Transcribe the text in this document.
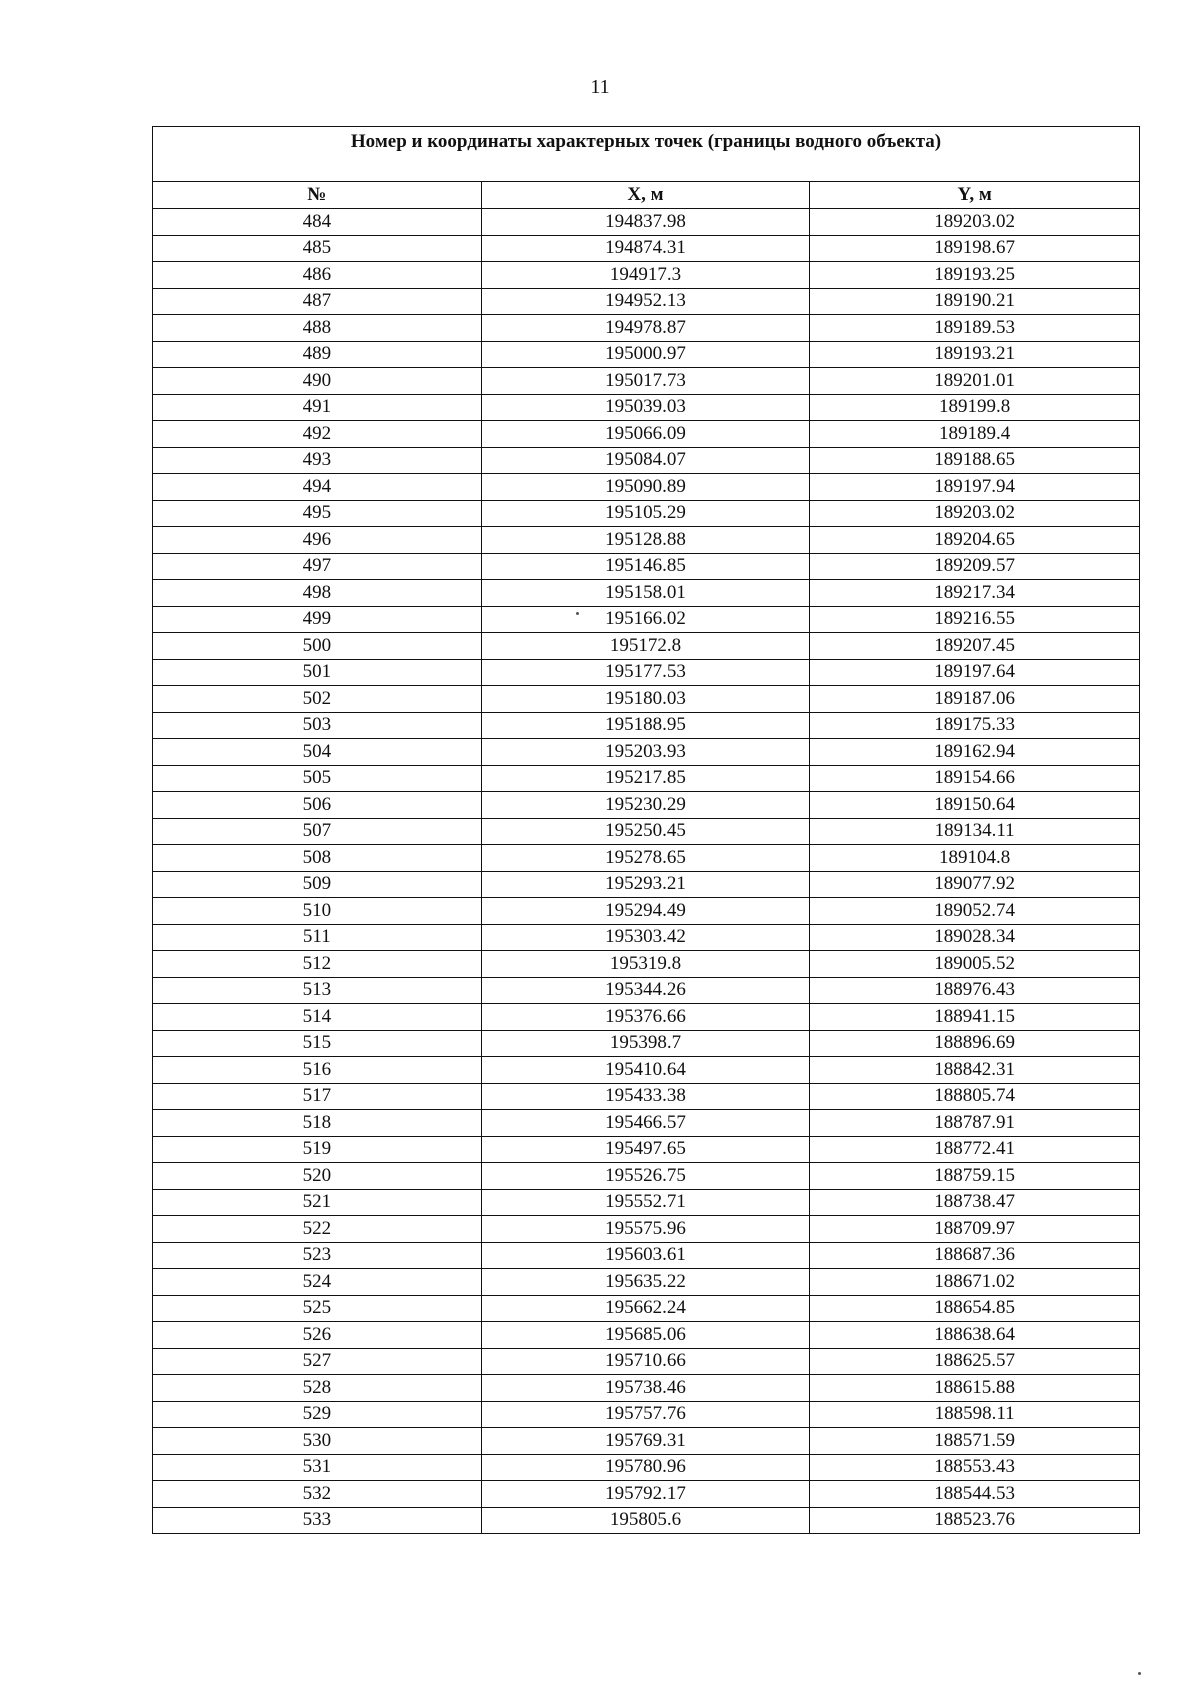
11
Номер и координаты характерных точек (границы водного объекта)		
№	X, м	Y, м
484	194837.98	189203.02
485	194874.31	189198.67
486	194917.3	189193.25
487	194952.13	189190.21
488	194978.87	189189.53
489	195000.97	189193.21
490	195017.73	189201.01
491	195039.03	189199.8
492	195066.09	189189.4
493	195084.07	189188.65
494	195090.89	189197.94
495	195105.29	189203.02
496	195128.88	189204.65
497	195146.85	189209.57
498	195158.01	189217.34
499	195166.02	189216.55
500	195172.8	189207.45
501	195177.53	189197.64
502	195180.03	189187.06
503	195188.95	189175.33
504	195203.93	189162.94
505	195217.85	189154.66
506	195230.29	189150.64
507	195250.45	189134.11
508	195278.65	189104.8
509	195293.21	189077.92
510	195294.49	189052.74
511	195303.42	189028.34
512	195319.8	189005.52
513	195344.26	188976.43
514	195376.66	188941.15
515	195398.7	188896.69
516	195410.64	188842.31
517	195433.38	188805.74
518	195466.57	188787.91
519	195497.65	188772.41
520	195526.75	188759.15
521	195552.71	188738.47
522	195575.96	188709.97
523	195603.61	188687.36
524	195635.22	188671.02
525	195662.24	188654.85
526	195685.06	188638.64
527	195710.66	188625.57
528	195738.46	188615.88
529	195757.76	188598.11
530	195769.31	188571.59
531	195780.96	188553.43
532	195792.17	188544.53
533	195805.6	188523.76
